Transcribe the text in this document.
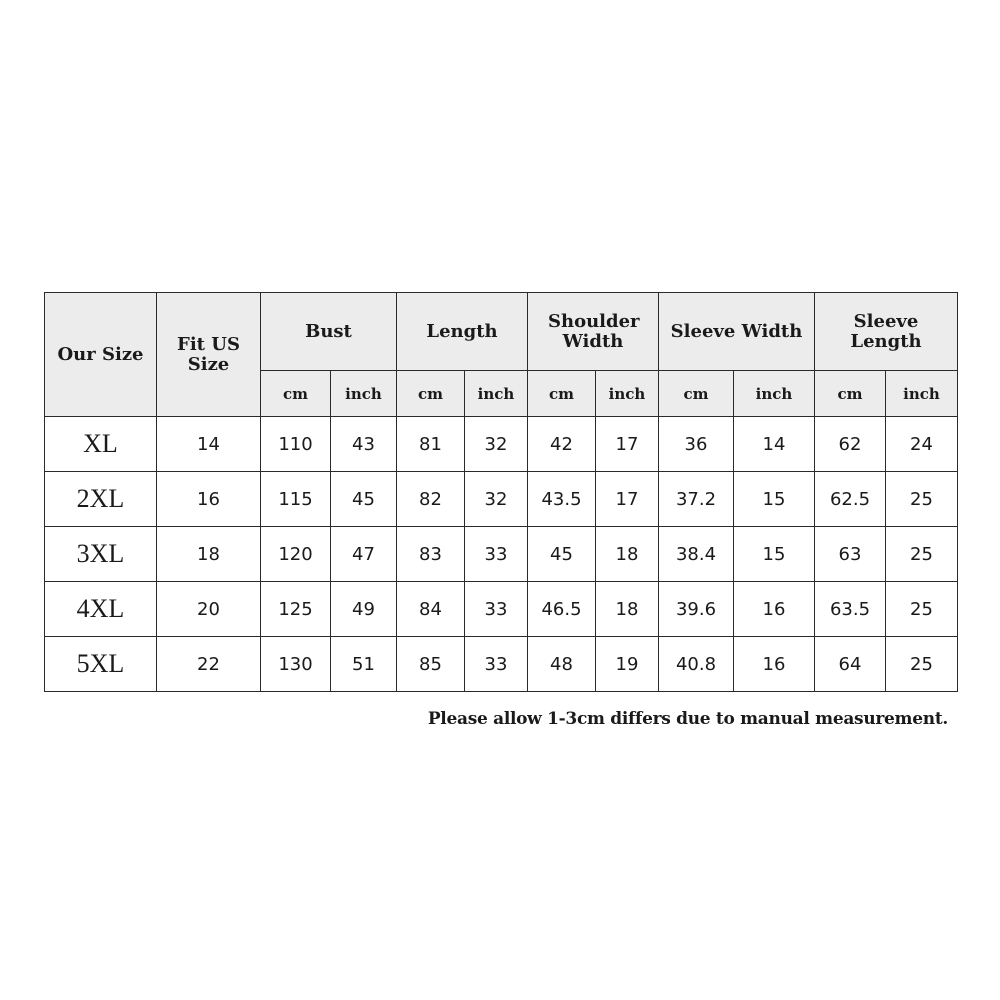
Our Size	Fit US Size	Bust		Length		Shoulder Width		Sleeve Width		Sleeve Length	
		cm	inch	cm	inch	cm	inch	cm	inch	cm	inch
XL	14	110	43	81	32	42	17	36	14	62	24
2XL	16	115	45	82	32	43.5	17	37.2	15	62.5	25
3XL	18	120	47	83	33	45	18	38.4	15	63	25
4XL	20	125	49	84	33	46.5	18	39.6	16	63.5	25
5XL	22	130	51	85	33	48	19	40.8	16	64	25
Please allow 1-3cm differs due to manual measurement.
